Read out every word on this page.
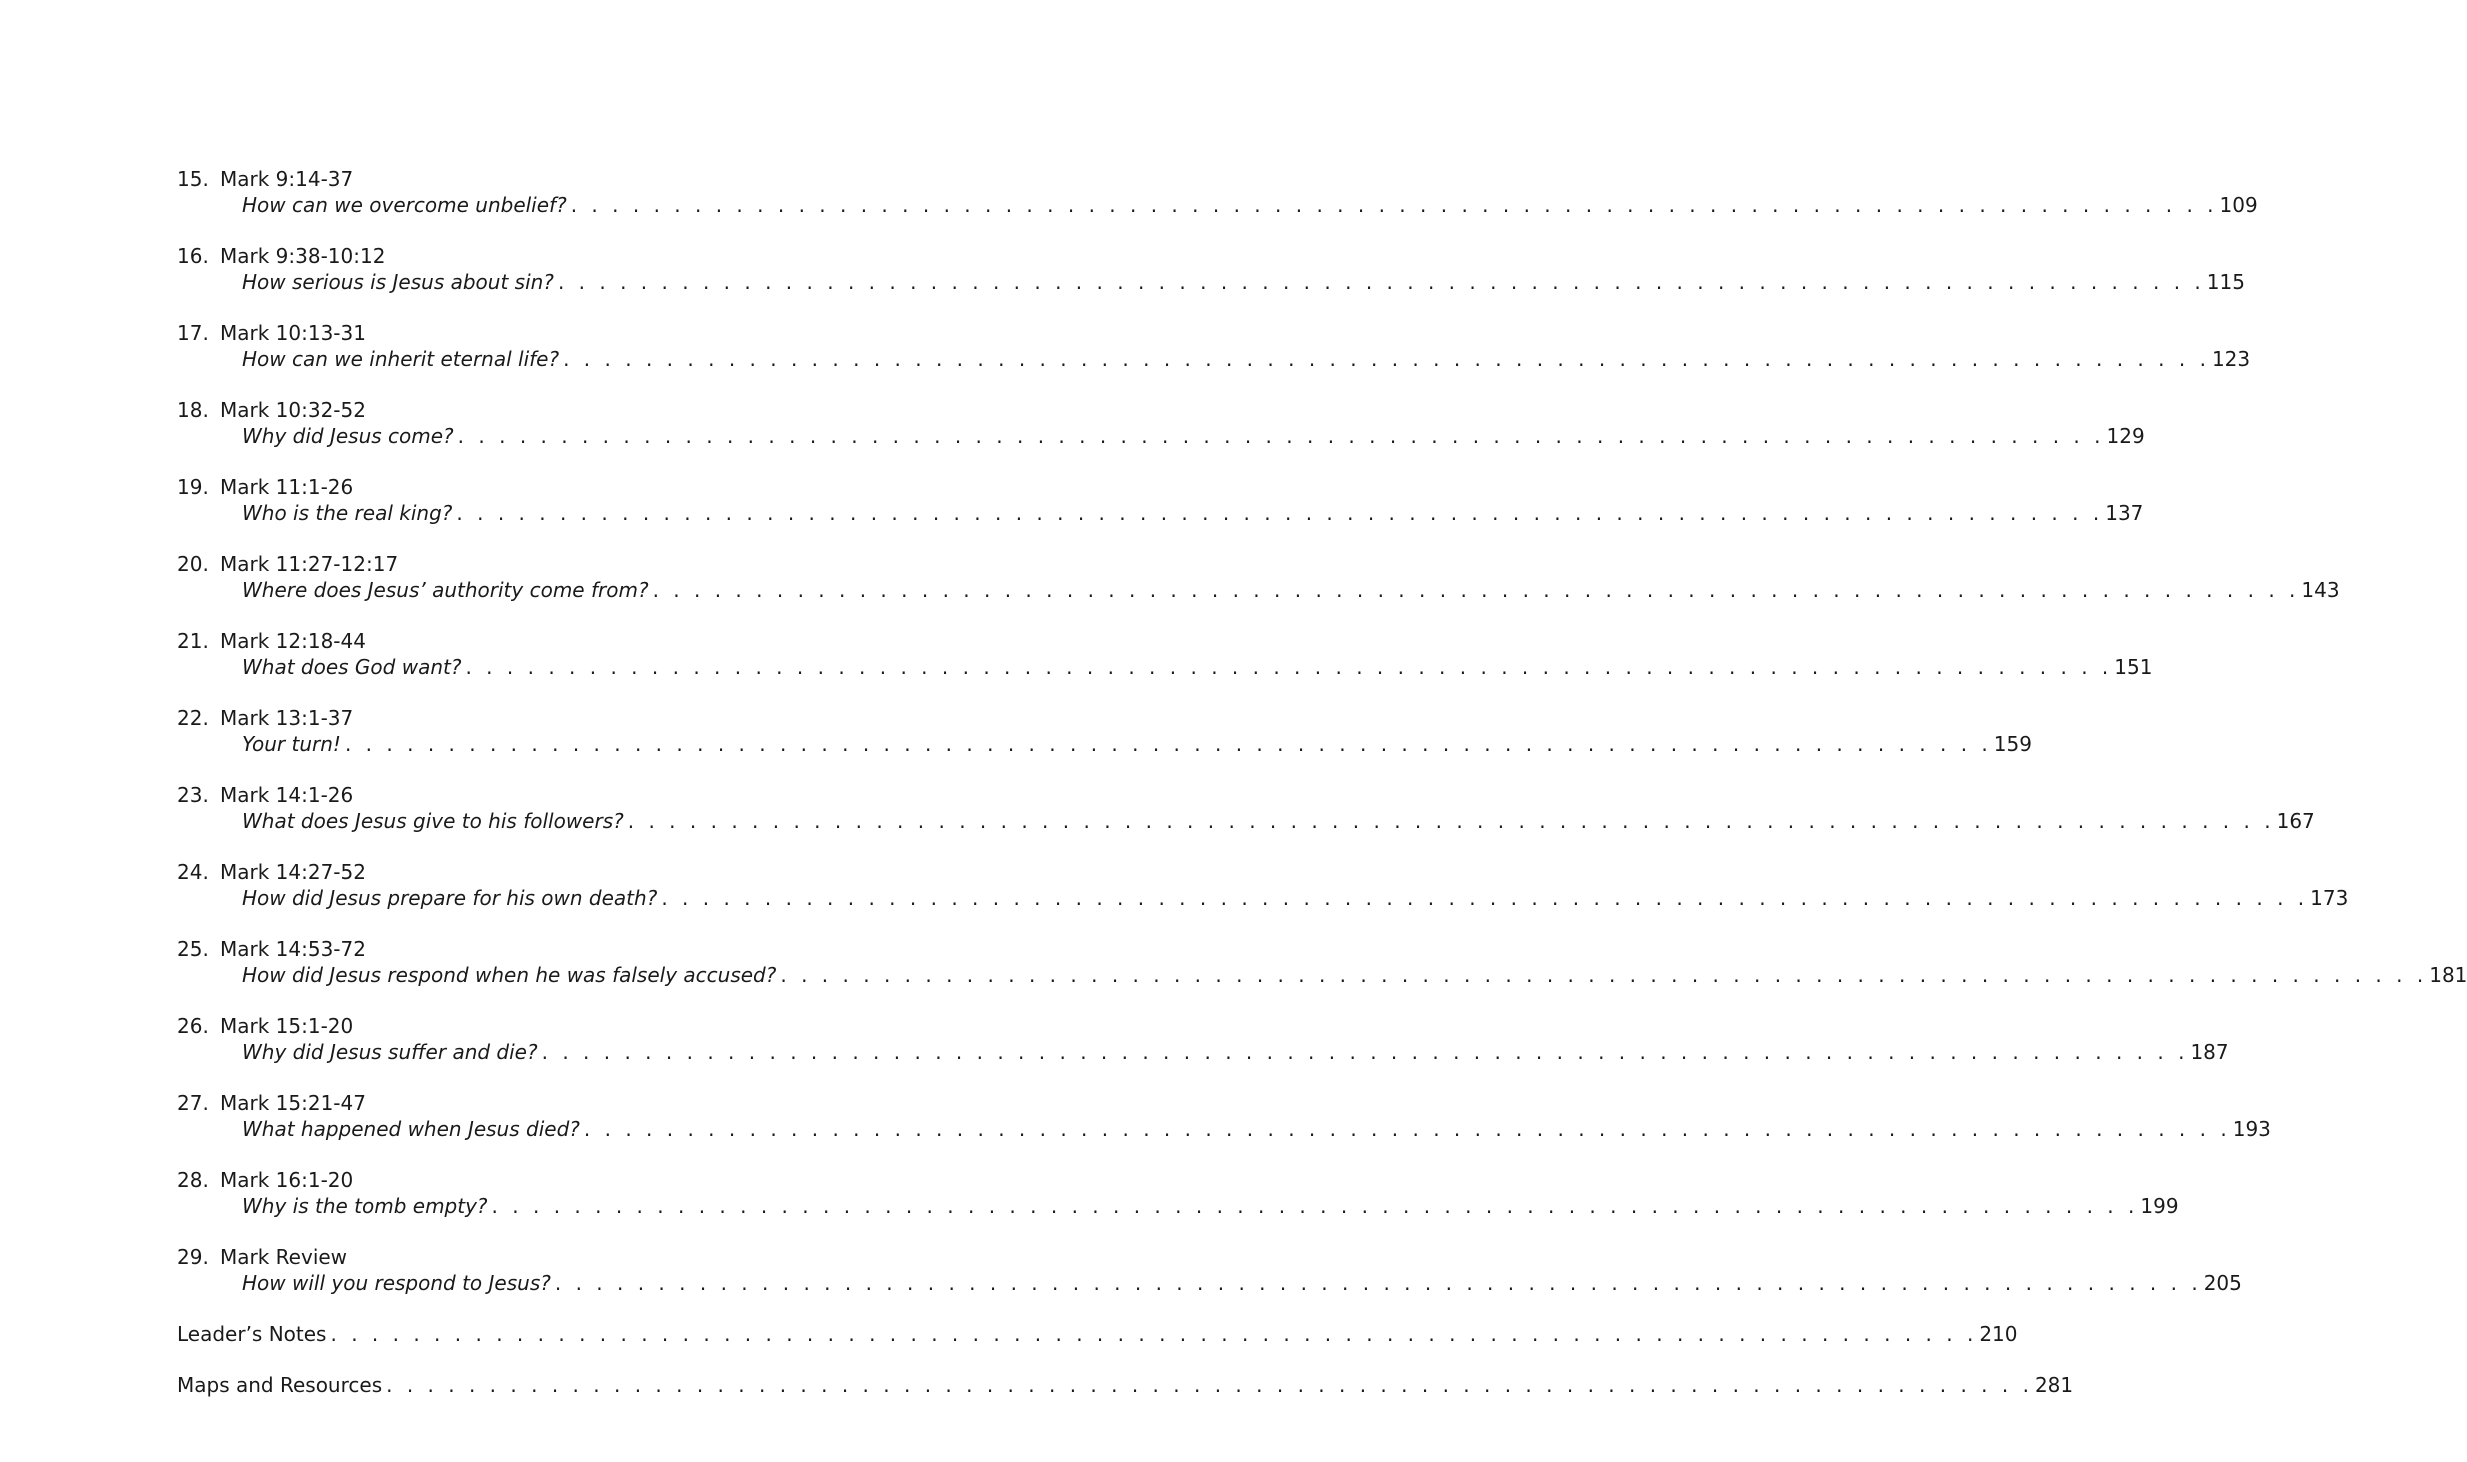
15. Mark 9:14-37
How can we overcome unbelief? . . . . . . . . . . . . . . . . . . . . . . . . . . . . . . . . . . . . . . . . . . . . . . . . . . . . . . . . . . . . . . . . . . . . . . . . . . . . . . . . 109
16. Mark 9:38-10:12
How serious is Jesus about sin? . . . . . . . . . . . . . . . . . . . . . . . . . . . . . . . . . . . . . . . . . . . . . . . . . . . . . . . . . . . . . . . . . . . . . . . . . . . . . . . . 115
17. Mark 10:13-31
How can we inherit eternal life? . . . . . . . . . . . . . . . . . . . . . . . . . . . . . . . . . . . . . . . . . . . . . . . . . . . . . . . . . . . . . . . . . . . . . . . . . . . . . . . . 123
18. Mark 10:32-52
Why did Jesus come? . . . . . . . . . . . . . . . . . . . . . . . . . . . . . . . . . . . . . . . . . . . . . . . . . . . . . . . . . . . . . . . . . . . . . . . . . . . . . . . . 129
19. Mark 11:1-26
Who is the real king? . . . . . . . . . . . . . . . . . . . . . . . . . . . . . . . . . . . . . . . . . . . . . . . . . . . . . . . . . . . . . . . . . . . . . . . . . . . . . . . . 137
20. Mark 11:27-12:17
Where does Jesus’ authority come from? . . . . . . . . . . . . . . . . . . . . . . . . . . . . . . . . . . . . . . . . . . . . . . . . . . . . . . . . . . . . . . . . . . . . . . . . . . . . . . . . 143
21. Mark 12:18-44
What does God want? . . . . . . . . . . . . . . . . . . . . . . . . . . . . . . . . . . . . . . . . . . . . . . . . . . . . . . . . . . . . . . . . . . . . . . . . . . . . . . . . 151
22. Mark 13:1-37
Your turn! . . . . . . . . . . . . . . . . . . . . . . . . . . . . . . . . . . . . . . . . . . . . . . . . . . . . . . . . . . . . . . . . . . . . . . . . . . . . . . . . 159
23. Mark 14:1-26
What does Jesus give to his followers? . . . . . . . . . . . . . . . . . . . . . . . . . . . . . . . . . . . . . . . . . . . . . . . . . . . . . . . . . . . . . . . . . . . . . . . . . . . . . . . . 167
24. Mark 14:27-52
How did Jesus prepare for his own death? . . . . . . . . . . . . . . . . . . . . . . . . . . . . . . . . . . . . . . . . . . . . . . . . . . . . . . . . . . . . . . . . . . . . . . . . . . . . . . . . 173
25. Mark 14:53-72
How did Jesus respond when he was falsely accused? . . . . . . . . . . . . . . . . . . . . . . . . . . . . . . . . . . . . . . . . . . . . . . . . . . . . . . . . . . . . . . . . . . . . . . . . . . . . . . . . 181
26. Mark 15:1-20
Why did Jesus suffer and die? . . . . . . . . . . . . . . . . . . . . . . . . . . . . . . . . . . . . . . . . . . . . . . . . . . . . . . . . . . . . . . . . . . . . . . . . . . . . . . . . 187
27. Mark 15:21-47
What happened when Jesus died? . . . . . . . . . . . . . . . . . . . . . . . . . . . . . . . . . . . . . . . . . . . . . . . . . . . . . . . . . . . . . . . . . . . . . . . . . . . . . . . . 193
28. Mark 16:1-20
Why is the tomb empty? . . . . . . . . . . . . . . . . . . . . . . . . . . . . . . . . . . . . . . . . . . . . . . . . . . . . . . . . . . . . . . . . . . . . . . . . . . . . . . . . 199
29. Mark Review
How will you respond to Jesus? . . . . . . . . . . . . . . . . . . . . . . . . . . . . . . . . . . . . . . . . . . . . . . . . . . . . . . . . . . . . . . . . . . . . . . . . . . . . . . . . 205
Leader’s Notes . . . . . . . . . . . . . . . . . . . . . . . . . . . . . . . . . . . . . . . . . . . . . . . . . . . . . . . . . . . . . . . . . . . . . . . . . . . . . . . . 210
Maps and Resources . . . . . . . . . . . . . . . . . . . . . . . . . . . . . . . . . . . . . . . . . . . . . . . . . . . . . . . . . . . . . . . . . . . . . . . . . . . . . . . . 281
